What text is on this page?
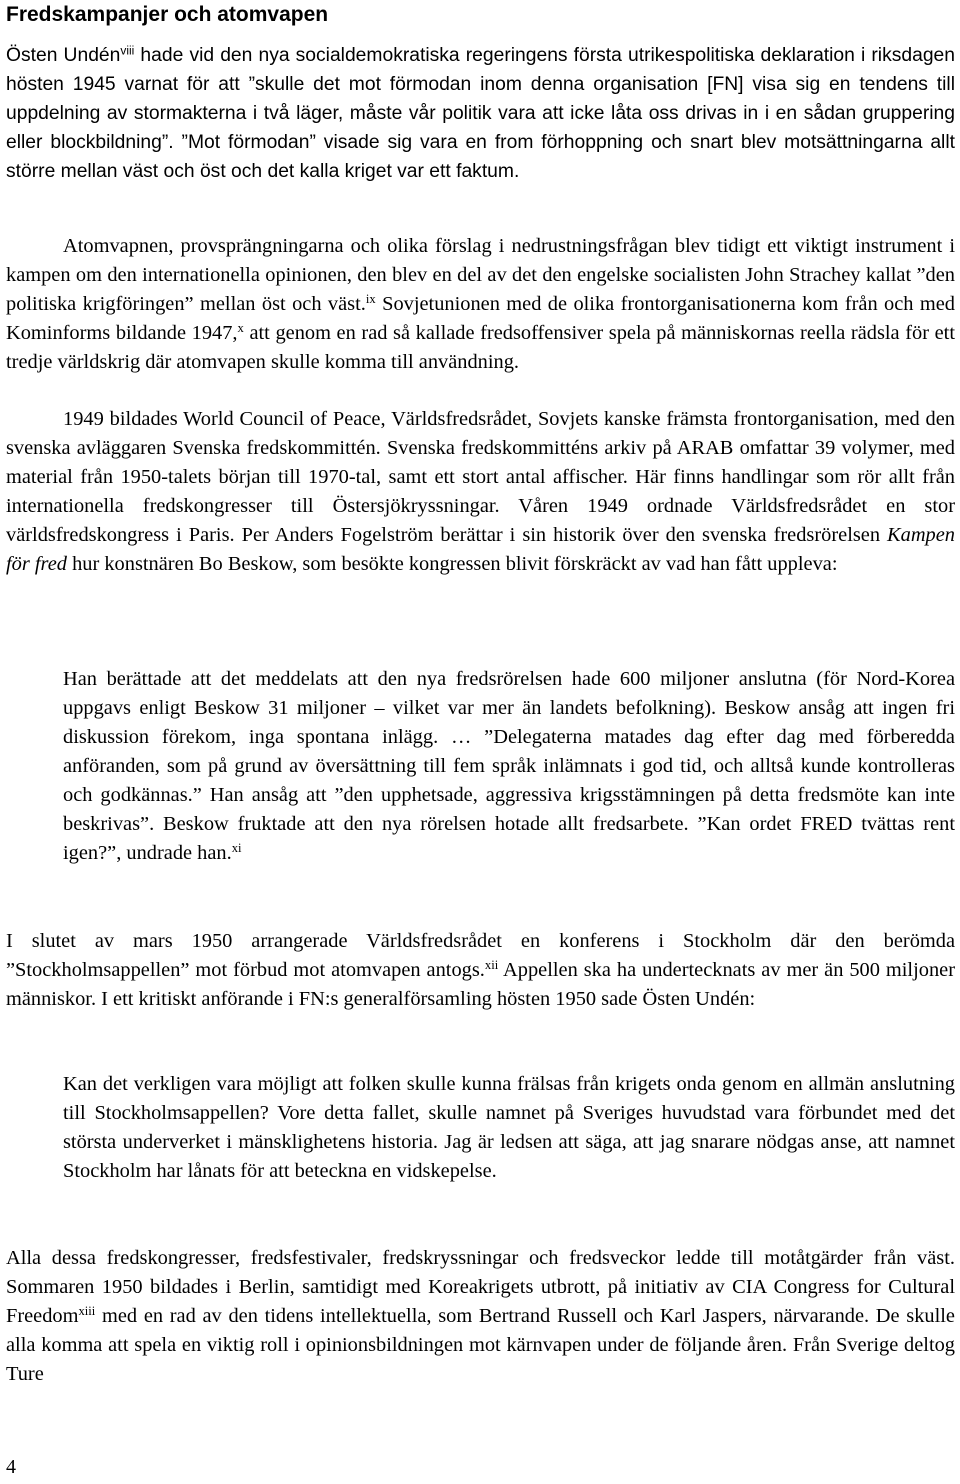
Fredskampanjer och atomvapen

Östen Undén$^{viii}$ hade vid den nya socialdemokratiska regeringens första utrikespolitiska deklaration i riksdagen hösten 1945 varnat för att ”skulle det mot förmodan inom denna organisation [FN] visa sig en tendens till uppdelning av stormakterna i två läger, måste vår politik vara att icke låta oss drivas in i en sådan gruppering eller blockbildning”. ”Mot förmodan” visade sig vara en from förhoppning och snart blev motsättningarna allt större mellan väst och öst och det kalla kriget var ett faktum.

Atomvapnen, provsprängningarna och olika förslag i nedrustningsfrågan blev tidigt ett viktigt instrument i kampen om den internationella opinionen, den blev en del av det den engelske socialisten John Strachey kallat ”den politiska krigföringen” mellan öst och väst.$^{ix}$ Sovjetunionen med de olika frontorganisationerna kom från och med Kominforms bildande 1947,$^x$ att genom en rad så kallade fredsoffensiver spela på människornas reella rädsla för ett tredje världskrig där atomvapen skulle komma till användning.

1949 bildades World Council of Peace, Världsfredsrådet, Sovjets kanske främsta frontorganisation, med den svenska avläggaren Svenska fredskommittén. Svenska fredskommitténs arkiv på ARAB omfattar 39 volymer, med material från 1950-talets början till 1970-tal, samt ett stort antal affischer. Här finns handlingar som rör allt från internationella fredskongresser till Östersjökryssningar. Våren 1949 ordnade Världsfredsrådet en stor världsfredskongress i Paris. Per Anders Fogelström berättar i sin historik över den svenska fredsrörelsen Kampen för fred hur konstnären Bo Beskow, som besökte kongressen blivit förskräckt av vad han fått uppleva:

Han berättade att det meddelats att den nya fredsrörelsen hade 600 miljoner anslutna (för Nord-Korea uppgavs enligt Beskow 31 miljoner – vilket var mer än landets befolkning). Beskow ansåg att ingen fri diskussion förekom, inga spontana inlägg. … ”Delegaterna matades dag efter dag med förberedda anföranden, som på grund av översättning till fem språk inlämnats i god tid, och alltså kunde kontrolleras och godkännas.” Han ansåg att ”den upphetsade, aggressiva krigsstämningen på detta fredsmöte kan inte beskrivas”. Beskow fruktade att den nya rörelsen hotade allt fredsarbete. ”Kan ordet FRED tvättas rent igen?”, undrade han.$^{xi}$

I slutet av mars 1950 arrangerade Världsfredsrådet en konferens i Stockholm där den berömda ”Stockholmsappellen” mot förbud mot atomvapen antogs.$^{xii}$ Appellen ska ha undertecknats av mer än 500 miljoner människor. I ett kritiskt anförande i FN:s generalförsamling hösten 1950 sade Östen Undén:

Kan det verkligen vara möjligt att folken skulle kunna frälsas från krigets onda genom en allmän anslutning till Stockholmsappellen? Vore detta fallet, skulle namnet på Sveriges huvudstad vara förbundet med det största underverket i mänsklighetens historia. Jag är ledsen att säga, att jag snarare nödgas anse, att namnet Stockholm har lånats för att beteckna en vidskepelse.

Alla dessa fredskongresser, fredsfestivaler, fredskryssningar och fredsveckor ledde till motåtgärder från väst. Sommaren 1950 bildades i Berlin, samtidigt med Koreakrigets utbrott, på initiativ av CIA Congress for Cultural Freedom$^{xiii}$ med en rad av den tidens intellektuella, som Bertrand Russell och Karl Jaspers, närvarande. De skulle alla komma att spela en viktig roll i opinionsbildningen mot kärnvapen under de följande åren. Från Sverige deltog Ture

4
